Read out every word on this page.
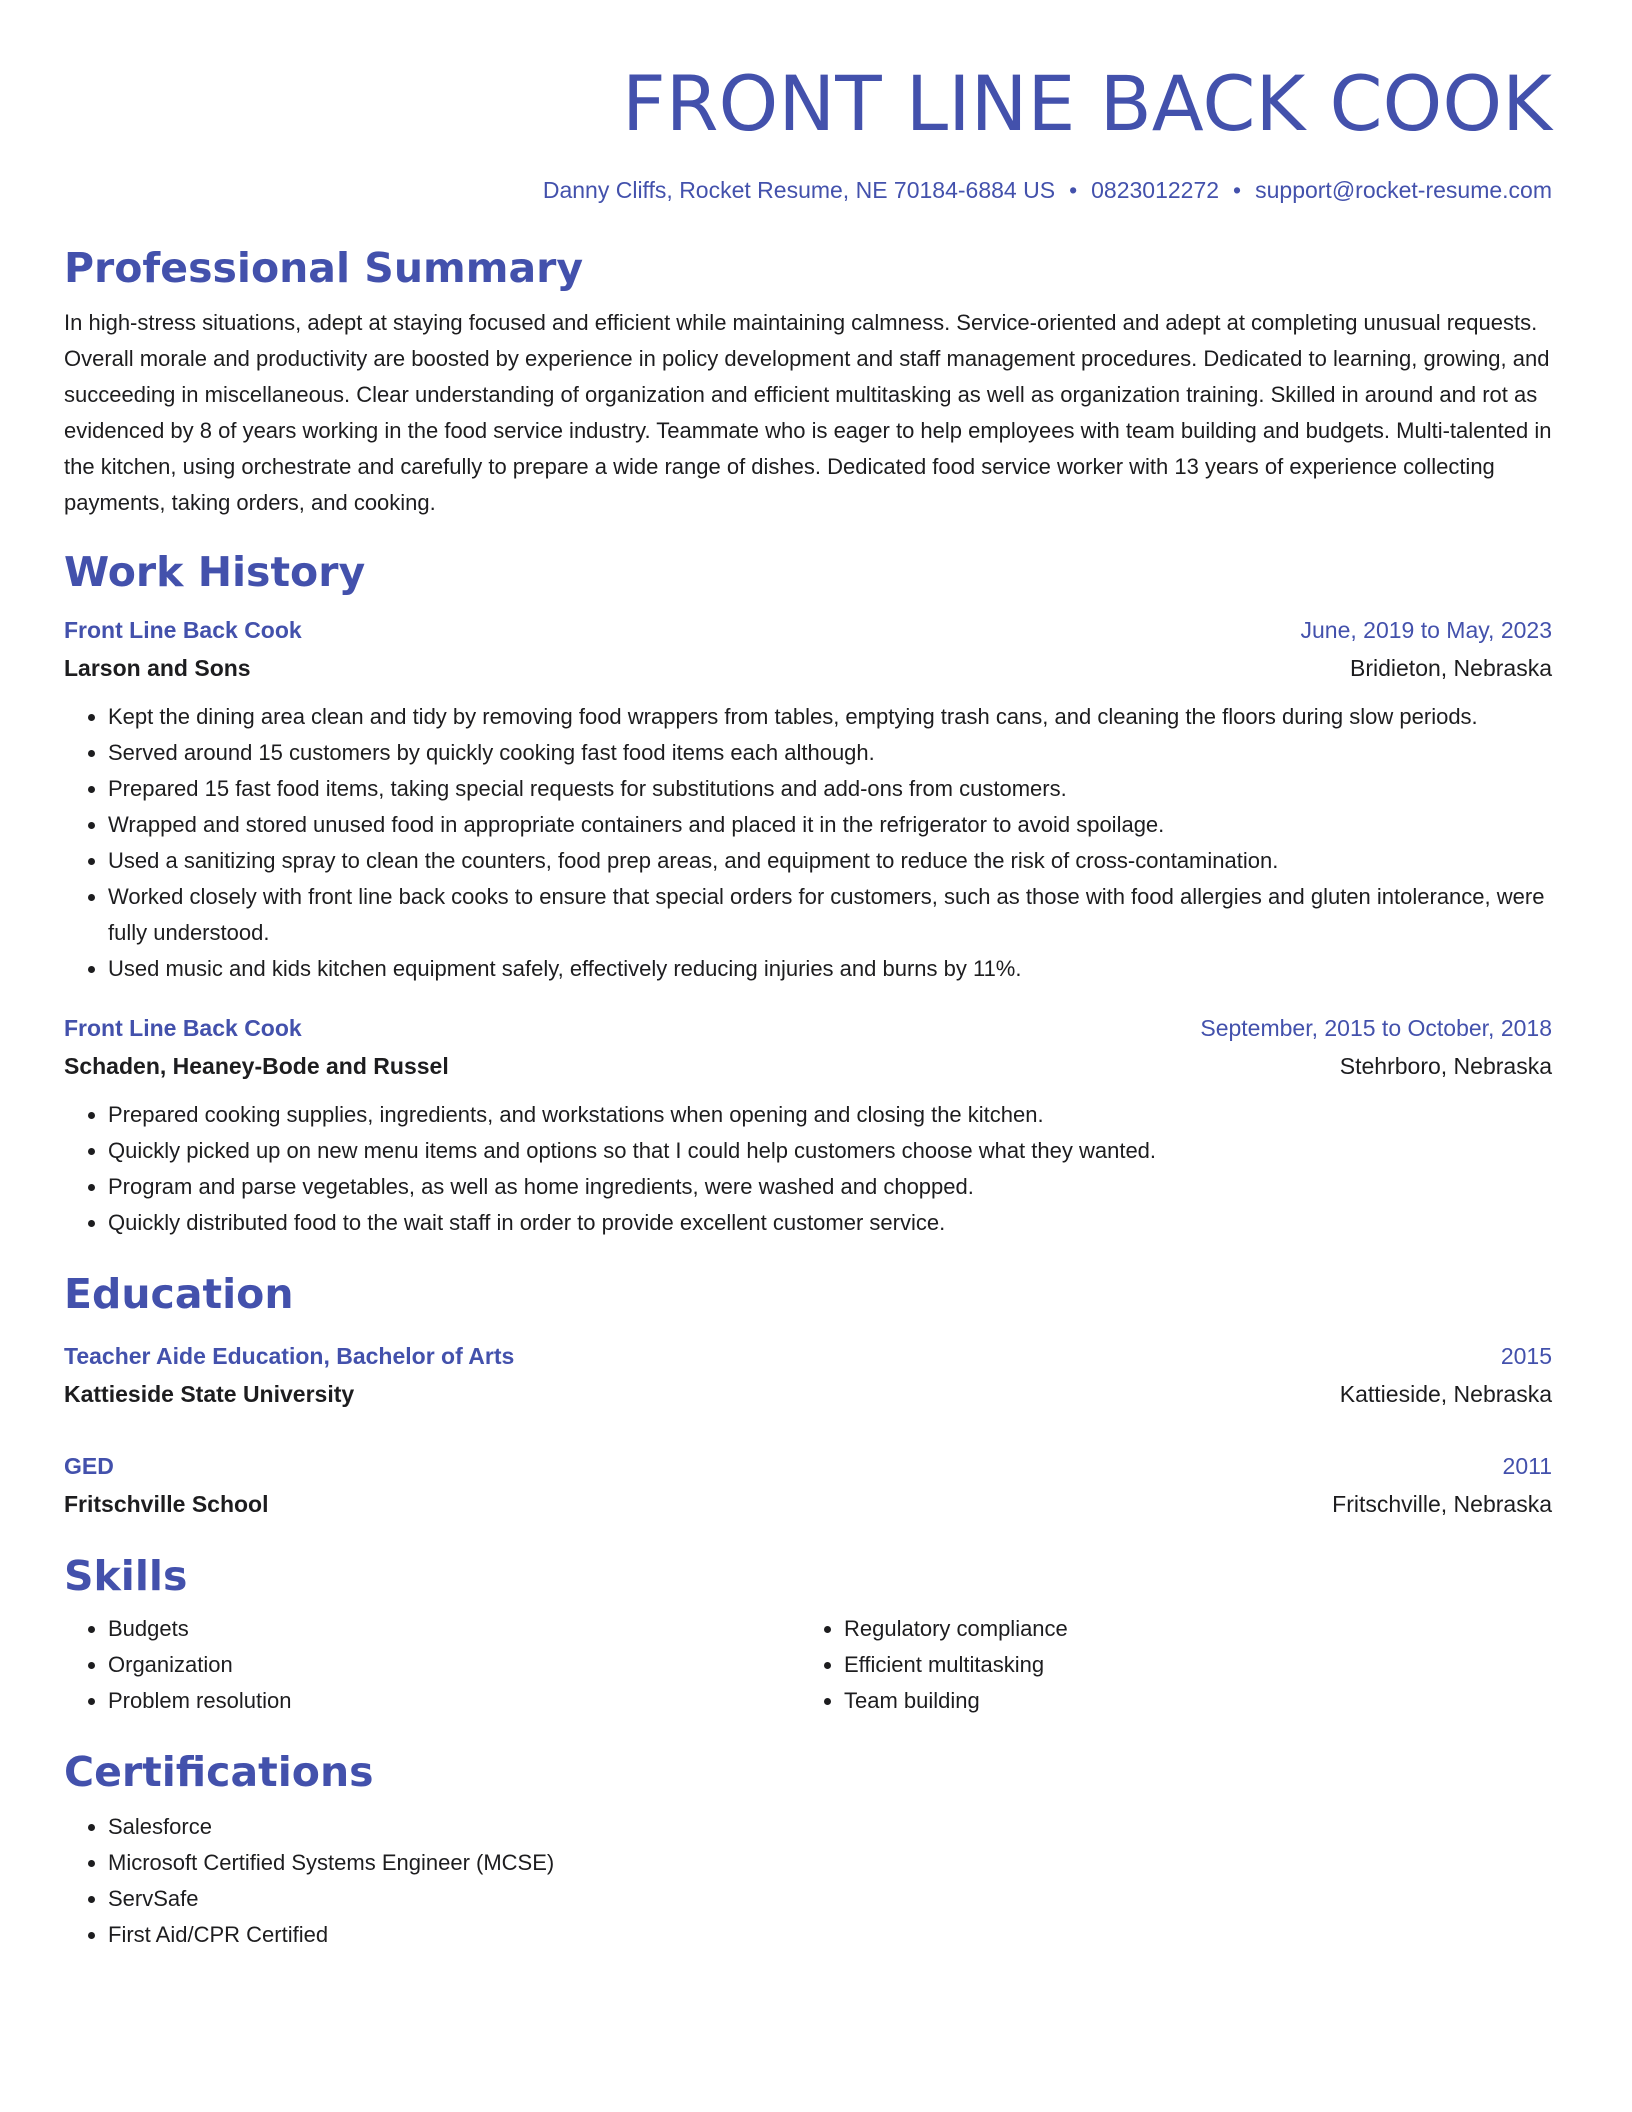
FRONT LINE BACK COOK
Danny Cliffs, Rocket Resume, NE 70184-6884 US • 0823012272 • support@rocket-resume.com
Professional Summary
In high-stress situations, adept at staying focused and efficient while maintaining calmness. Service-oriented and adept at completing unusual requests. Overall morale and productivity are boosted by experience in policy development and staff management procedures. Dedicated to learning, growing, and succeeding in miscellaneous. Clear understanding of organization and efficient multitasking as well as organization training. Skilled in around and rot as evidenced by 8 of years working in the food service industry. Teammate who is eager to help employees with team building and budgets. Multi-talented in the kitchen, using orchestrate and carefully to prepare a wide range of dishes. Dedicated food service worker with 13 years of experience collecting payments, taking orders, and cooking.
Work History
Front Line Back Cook	June, 2019 to May, 2023
Larson and Sons	Bridieton, Nebraska
• Kept the dining area clean and tidy by removing food wrappers from tables, emptying trash cans, and cleaning the floors during slow periods.
• Served around 15 customers by quickly cooking fast food items each although.
• Prepared 15 fast food items, taking special requests for substitutions and add-ons from customers.
• Wrapped and stored unused food in appropriate containers and placed it in the refrigerator to avoid spoilage.
• Used a sanitizing spray to clean the counters, food prep areas, and equipment to reduce the risk of cross-contamination.
• Worked closely with front line back cooks to ensure that special orders for customers, such as those with food allergies and gluten intolerance, were fully understood.
• Used music and kids kitchen equipment safely, effectively reducing injuries and burns by 11%.
Front Line Back Cook	September, 2015 to October, 2018
Schaden, Heaney-Bode and Russel	Stehrboro, Nebraska
• Prepared cooking supplies, ingredients, and workstations when opening and closing the kitchen.
• Quickly picked up on new menu items and options so that I could help customers choose what they wanted.
• Program and parse vegetables, as well as home ingredients, were washed and chopped.
• Quickly distributed food to the wait staff in order to provide excellent customer service.
Education
Teacher Aide Education, Bachelor of Arts	2015
Kattieside State University	Kattieside, Nebraska
GED	2011
Fritschville School	Fritschville, Nebraska
Skills
• Budgets
• Organization
• Problem resolution
• Regulatory compliance
• Efficient multitasking
• Team building
Certifications
• Salesforce
• Microsoft Certified Systems Engineer (MCSE)
• ServSafe
• First Aid/CPR Certified
